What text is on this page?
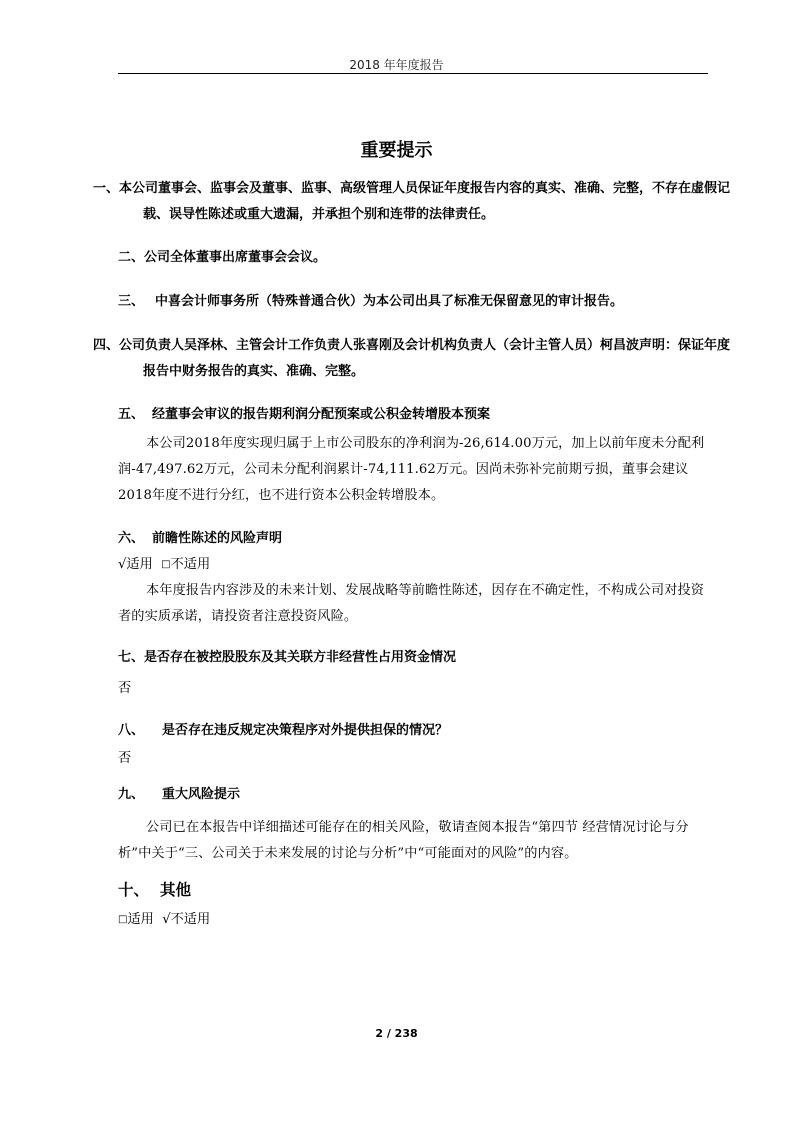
2018 年年度报告
重要提示
一、本公司董事会、监事会及董事、监事、高级管理人员保证年度报告内容的真实、准确、完整，不存在虚假记载、误导性陈述或重大遗漏，并承担个别和连带的法律责任。
二、公司全体董事出席董事会会议。
三、 中喜会计师事务所（特殊普通合伙）为本公司出具了标准无保留意见的审计报告。
四、公司负责人吴泽林、主管会计工作负责人张喜刚及会计机构负责人（会计主管人员）柯昌波声明：保证年度报告中财务报告的真实、准确、完整。
五、 经董事会审议的报告期利润分配预案或公积金转增股本预案
本公司2018年度实现归属于上市公司股东的净利润为-26,614.00万元，加上以前年度未分配利润-47,497.62万元，公司未分配利润累计-74,111.62万元。因尚未弥补完前期亏损，董事会建议2018年度不进行分红，也不进行资本公积金转增股本。
六、 前瞻性陈述的风险声明
√适用 □不适用
本年度报告内容涉及的未来计划、发展战略等前瞻性陈述，因存在不确定性，不构成公司对投资者的实质承诺，请投资者注意投资风险。
七、是否存在被控股股东及其关联方非经营性占用资金情况
否
八、 是否存在违反规定决策程序对外提供担保的情况？
否
九、 重大风险提示
公司已在本报告中详细描述可能存在的相关风险，敬请查阅本报告“第四节 经营情况讨论与分析”中关于“三、公司关于未来发展的讨论与分析”中“可能面对的风险”的内容。
十、 其他
□适用 √不适用
2 / 238
